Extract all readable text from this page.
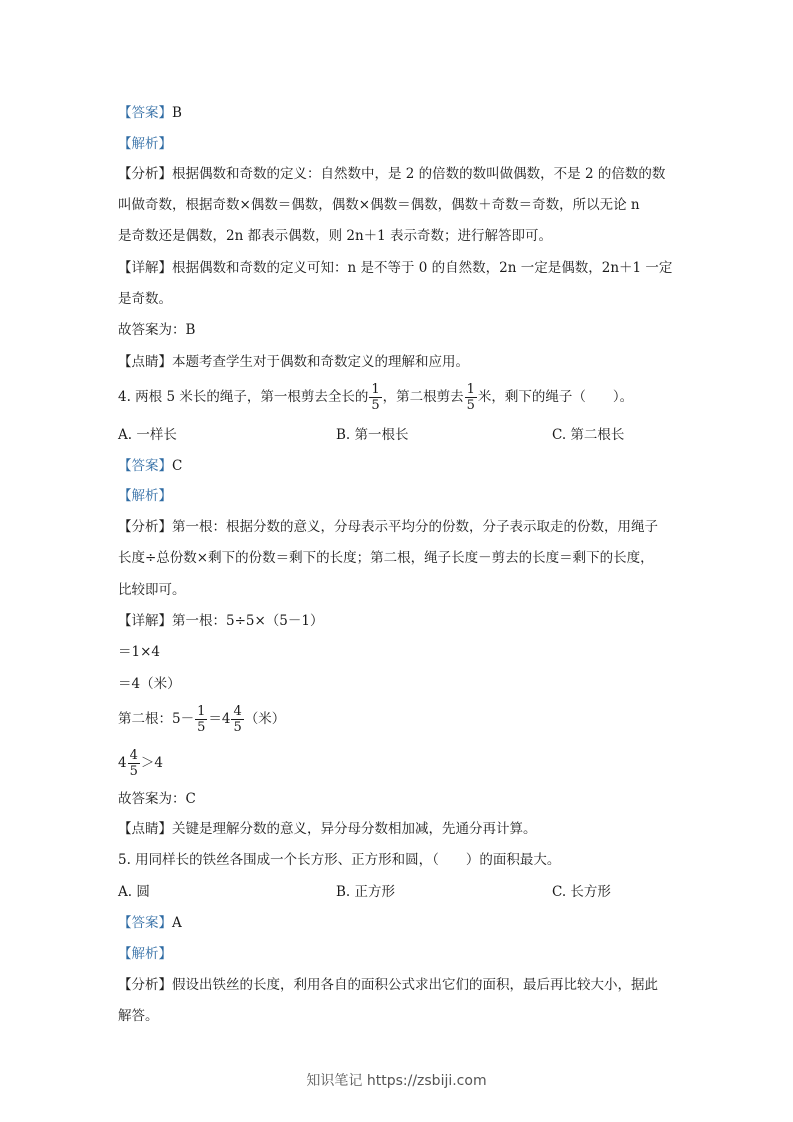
【答案】B
【解析】
【分析】根据偶数和奇数的定义：自然数中，是 2 的倍数的数叫做偶数，不是 2 的倍数的数
叫做奇数，根据奇数×偶数＝偶数，偶数×偶数＝偶数，偶数＋奇数＝奇数，所以无论 n
是奇数还是偶数，2n 都表示偶数，则 2n＋1 表示奇数；进行解答即可。
【详解】根据偶数和奇数的定义可知：n 是不等于 0 的自然数，2n 一定是偶数，2n＋1 一定
是奇数。
故答案为：B
【点睛】本题考查学生对于偶数和奇数定义的理解和应用。
4. 两根 5 米长的绳子，第一根剪去全长的 $\frac{1}{5}$ ，第二根剪去 $\frac{1}{5}$ 米，剩下的绳子（　　）。
A. 一样长	B. 第一根长	C. 第二根长
【答案】C
【解析】
【分析】第一根：根据分数的意义，分母表示平均分的份数，分子表示取走的份数，用绳子
长度÷总份数×剩下的份数＝剩下的长度；第二根，绳子长度－剪去的长度＝剩下的长度，
比较即可。
【详解】第一根：5÷5×（5－1）
＝1×4
＝4（米）
第二根：$5- \frac{1}{5} = 4 \frac{4}{5}$ （米）
$4 \frac{4}{5} >4$
故答案为：C
【点睛】关键是理解分数的意义，异分母分数相加减，先通分再计算。
5. 用同样长的铁丝各围成一个长方形、正方形和圆，（　　）的面积最大。
A. 圆	B. 正方形	C. 长方形
【答案】A
【解析】
【分析】假设出铁丝的长度，利用各自的面积公式求出它们的面积，最后再比较大小，据此
解答。
知识笔记 https://zsbiji.com
